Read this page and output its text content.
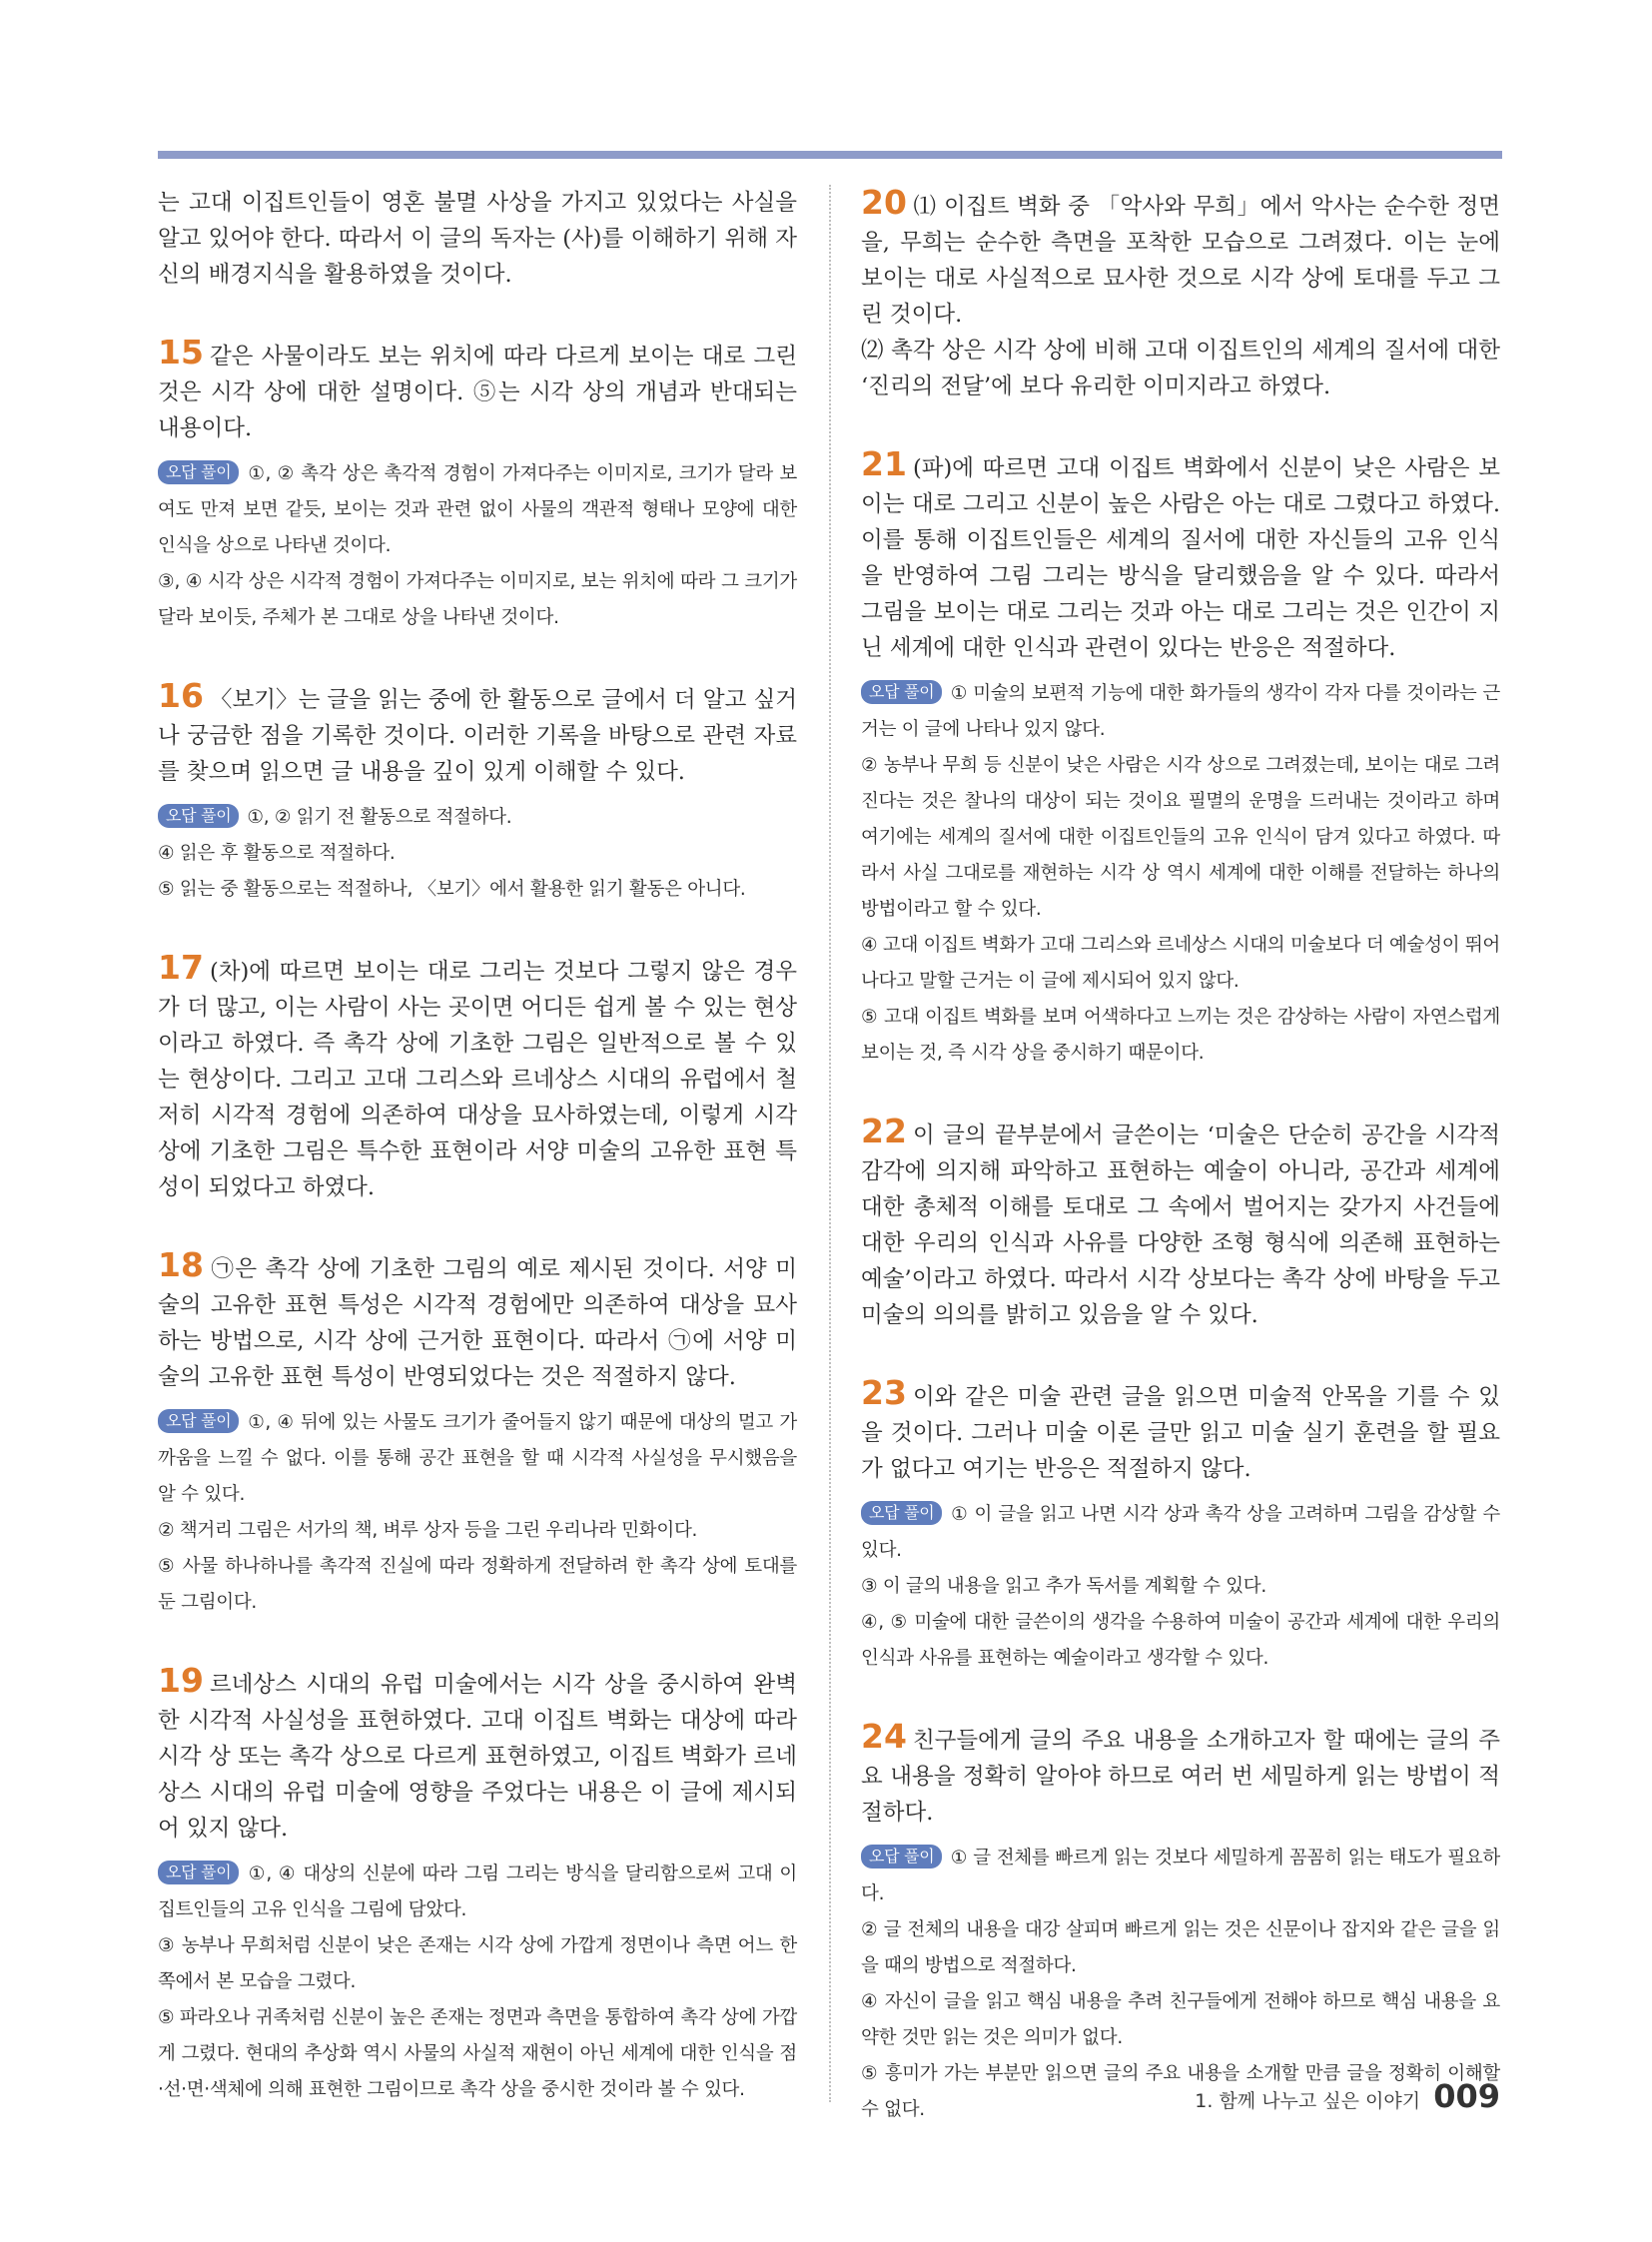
는 고대 이집트인들이 영혼 불멸 사상을 가지고 있었다는 사실을 알고 있어야 한다. 따라서 이 글의 독자는 (사)를 이해하기 위해 자신의 배경지식을 활용하였을 것이다.

15 같은 사물이라도 보는 위치에 따라 다르게 보이는 대로 그린 것은 시각 상에 대한 설명이다. ⑤는 시각 상의 개념과 반대되는 내용이다.

오답 풀이 ①, ② 촉각 상은 촉각적 경험이 가져다주는 이미지로, 크기가 달라 보여도 만져 보면 같듯, 보이는 것과 관련 없이 사물의 객관적 형태나 모양에 대한 인식을 상으로 나타낸 것이다.

③, ④ 시각 상은 시각적 경험이 가져다주는 이미지로, 보는 위치에 따라 그 크기가 달라 보이듯, 주체가 본 그대로 상을 나타낸 것이다.

16 〈보기〉는 글을 읽는 중에 한 활동으로 글에서 더 알고 싶거나 궁금한 점을 기록한 것이다. 이러한 기록을 바탕으로 관련 자료를 찾으며 읽으면 글 내용을 깊이 있게 이해할 수 있다.

오답 풀이 ①, ② 읽기 전 활동으로 적절하다.

④ 읽은 후 활동으로 적절하다.

⑤ 읽는 중 활동으로는 적절하나, 〈보기〉에서 활용한 읽기 활동은 아니다.

17 (차)에 따르면 보이는 대로 그리는 것보다 그렇지 않은 경우가 더 많고, 이는 사람이 사는 곳이면 어디든 쉽게 볼 수 있는 현상이라고 하였다. 즉 촉각 상에 기초한 그림은 일반적으로 볼 수 있는 현상이다. 그리고 고대 그리스와 르네상스 시대의 유럽에서 철저히 시각적 경험에 의존하여 대상을 묘사하였는데, 이렇게 시각 상에 기초한 그림은 특수한 표현이라 서양 미술의 고유한 표현 특성이 되었다고 하였다.

18 ㉠은 촉각 상에 기초한 그림의 예로 제시된 것이다. 서양 미술의 고유한 표현 특성은 시각적 경험에만 의존하여 대상을 묘사하는 방법으로, 시각 상에 근거한 표현이다. 따라서 ㉠에 서양 미술의 고유한 표현 특성이 반영되었다는 것은 적절하지 않다.

오답 풀이 ①, ④ 뒤에 있는 사물도 크기가 줄어들지 않기 때문에 대상의 멀고 가까움을 느낄 수 없다. 이를 통해 공간 표현을 할 때 시각적 사실성을 무시했음을 알 수 있다.

② 책거리 그림은 서가의 책, 벼루 상자 등을 그린 우리나라 민화이다.

⑤ 사물 하나하나를 촉각적 진실에 따라 정확하게 전달하려 한 촉각 상에 토대를 둔 그림이다.

19 르네상스 시대의 유럽 미술에서는 시각 상을 중시하여 완벽한 시각적 사실성을 표현하였다. 고대 이집트 벽화는 대상에 따라 시각 상 또는 촉각 상으로 다르게 표현하였고, 이집트 벽화가 르네상스 시대의 유럽 미술에 영향을 주었다는 내용은 이 글에 제시되어 있지 않다.

오답 풀이 ①, ④ 대상의 신분에 따라 그림 그리는 방식을 달리함으로써 고대 이집트인들의 고유 인식을 그림에 담았다.

③ 농부나 무희처럼 신분이 낮은 존재는 시각 상에 가깝게 정면이나 측면 어느 한쪽에서 본 모습을 그렸다.

⑤ 파라오나 귀족처럼 신분이 높은 존재는 정면과 측면을 통합하여 촉각 상에 가깝게 그렸다. 현대의 추상화 역시 사물의 사실적 재현이 아닌 세계에 대한 인식을 점·선·면·색체에 의해 표현한 그림이므로 촉각 상을 중시한 것이라 볼 수 있다.

20 ⑴ 이집트 벽화 중 「악사와 무희」에서 악사는 순수한 정면을, 무희는 순수한 측면을 포착한 모습으로 그려졌다. 이는 눈에 보이는 대로 사실적으로 묘사한 것으로 시각 상에 토대를 두고 그린 것이다.

⑵ 촉각 상은 시각 상에 비해 고대 이집트인의 세계의 질서에 대한 ‘진리의 전달’에 보다 유리한 이미지라고 하였다.

21 (파)에 따르면 고대 이집트 벽화에서 신분이 낮은 사람은 보이는 대로 그리고 신분이 높은 사람은 아는 대로 그렸다고 하였다. 이를 통해 이집트인들은 세계의 질서에 대한 자신들의 고유 인식을 반영하여 그림 그리는 방식을 달리했음을 알 수 있다. 따라서 그림을 보이는 대로 그리는 것과 아는 대로 그리는 것은 인간이 지닌 세계에 대한 인식과 관련이 있다는 반응은 적절하다.

오답 풀이 ① 미술의 보편적 기능에 대한 화가들의 생각이 각자 다를 것이라는 근거는 이 글에 나타나 있지 않다.

② 농부나 무희 등 신분이 낮은 사람은 시각 상으로 그려졌는데, 보이는 대로 그려진다는 것은 찰나의 대상이 되는 것이요 필멸의 운명을 드러내는 것이라고 하며 여기에는 세계의 질서에 대한 이집트인들의 고유 인식이 담겨 있다고 하였다. 따라서 사실 그대로를 재현하는 시각 상 역시 세계에 대한 이해를 전달하는 하나의 방법이라고 할 수 있다.

④ 고대 이집트 벽화가 고대 그리스와 르네상스 시대의 미술보다 더 예술성이 뛰어나다고 말할 근거는 이 글에 제시되어 있지 않다.

⑤ 고대 이집트 벽화를 보며 어색하다고 느끼는 것은 감상하는 사람이 자연스럽게 보이는 것, 즉 시각 상을 중시하기 때문이다.

22 이 글의 끝부분에서 글쓴이는 ‘미술은 단순히 공간을 시각적 감각에 의지해 파악하고 표현하는 예술이 아니라, 공간과 세계에 대한 총체적 이해를 토대로 그 속에서 벌어지는 갖가지 사건들에 대한 우리의 인식과 사유를 다양한 조형 형식에 의존해 표현하는 예술’이라고 하였다. 따라서 시각 상보다는 촉각 상에 바탕을 두고 미술의 의의를 밝히고 있음을 알 수 있다.

23 이와 같은 미술 관련 글을 읽으면 미술적 안목을 기를 수 있을 것이다. 그러나 미술 이론 글만 읽고 미술 실기 훈련을 할 필요가 없다고 여기는 반응은 적절하지 않다.

오답 풀이 ① 이 글을 읽고 나면 시각 상과 촉각 상을 고려하며 그림을 감상할 수 있다.

③ 이 글의 내용을 읽고 추가 독서를 계획할 수 있다.

④, ⑤ 미술에 대한 글쓴이의 생각을 수용하여 미술이 공간과 세계에 대한 우리의 인식과 사유를 표현하는 예술이라고 생각할 수 있다.

24 친구들에게 글의 주요 내용을 소개하고자 할 때에는 글의 주요 내용을 정확히 알아야 하므로 여러 번 세밀하게 읽는 방법이 적절하다.

오답 풀이 ① 글 전체를 빠르게 읽는 것보다 세밀하게 꼼꼼히 읽는 태도가 필요하다.

② 글 전체의 내용을 대강 살피며 빠르게 읽는 것은 신문이나 잡지와 같은 글을 읽을 때의 방법으로 적절하다.

④ 자신이 글을 읽고 핵심 내용을 추려 친구들에게 전해야 하므로 핵심 내용을 요약한 것만 읽는 것은 의미가 없다.

⑤ 흥미가 가는 부분만 읽으면 글의 주요 내용을 소개할 만큼 글을 정확히 이해할 수 없다.	1. 함께 나누고 싶은 이야기 009
